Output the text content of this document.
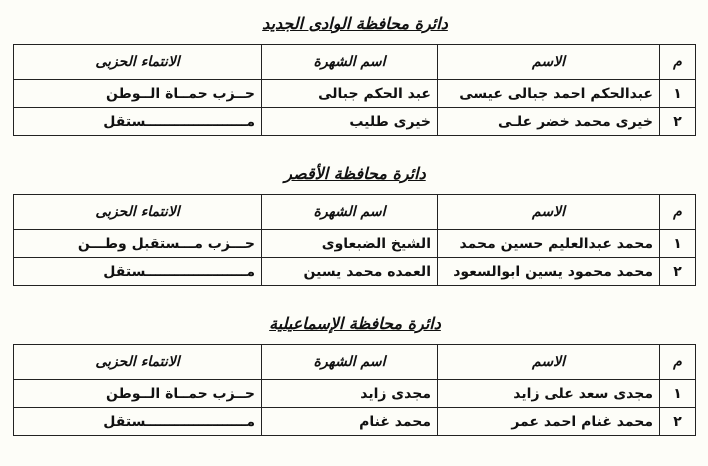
دائرة محافظة الوادى الجديد
م	الاسم	اسم الشهرة	الانتماء الحزبى
١	عبدالحكم احمد جبالى عيسى	عبد الحكم جبالى	حــزب حمــاة الــوطن
٢	خيرى محمد خضر علـى	خيرى طليب	مـــــــــــــــــــــستقل
دائرة محافظة الأقصر
م	الاسم	اسم الشهرة	الانتماء الحزبى
١	محمد عبدالعليم حسين محمد	الشيخ الضبعاوى	حـــزب مـــستقبل وطـــن
٢	محمد محمود يسين ابوالسعود	العمده محمد يسين	مـــــــــــــــــــــستقل
دائرة محافظة الإسماعيلية
م	الاسم	اسم الشهرة	الانتماء الحزبى
١	مجدى سعد على زايد	مجدى زايد	حــزب حمــاة الــوطن
٢	محمد غنام احمد عمر	محمد غنام	مـــــــــــــــــــــستقل
